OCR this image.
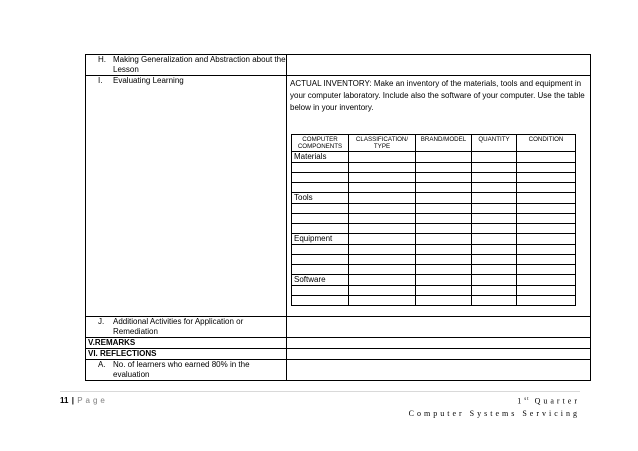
H. Making Generalization and Abstraction about the Lesson

I.	Evaluating Learning	ACTUAL INVENTORY: Make an inventory of the materials, tools and equipment in your computer laboratory. Include also the software of your computer. Use the table below in your inventory.
COMPUTER COMPONENTS	CLASSIFICATION/ TYPE	BRAND/MODEL	QUANTITY	CONDITION
Materials				

Tools				

Equipment				

Software				

J.	Additional Activities for Application or Remediation

V.REMARKS	
VI. REFLECTIONS	

A. No. of learners who earned 80% in the evaluation

11 | Page	1st Quarter
Computer Systems Servicing
